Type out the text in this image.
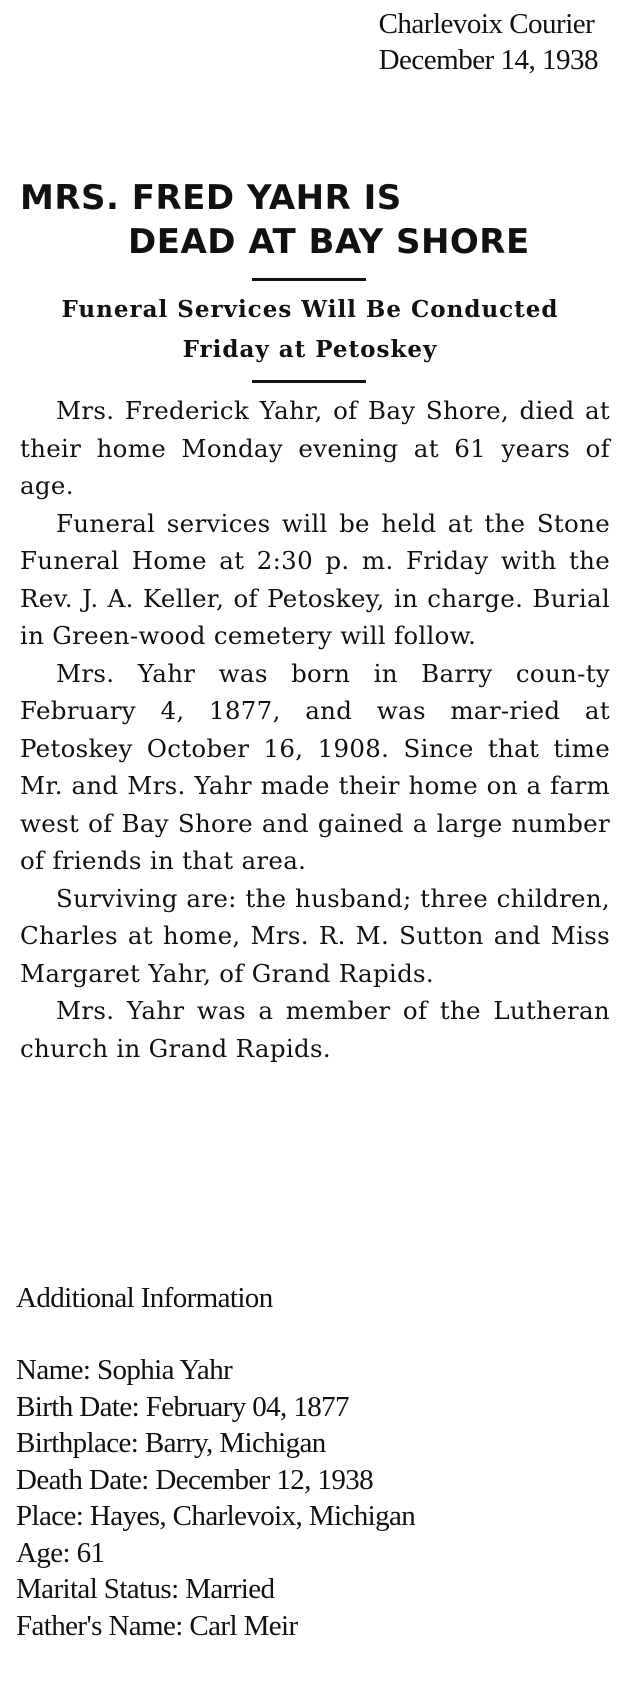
Charlevoix Courier
December 14, 1938
MRS. FRED YAHR IS
DEAD AT BAY SHORE
Funeral Services Will Be Conducted
Friday at Petoskey

Mrs. Frederick Yahr, of Bay Shore, died at their home Monday evening at 61 years of age.

Funeral services will be held at the Stone Funeral Home at 2:30 p. m. Friday with the Rev. J. A. Keller, of Petoskey, in charge. Burial in Green-wood cemetery will follow.

Mrs. Yahr was born in Barry coun-ty February 4, 1877, and was mar-ried at Petoskey October 16, 1908. Since that time Mr. and Mrs. Yahr made their home on a farm west of Bay Shore and gained a large number of friends in that area.

Surviving are: the husband; three children, Charles at home, Mrs. R. M. Sutton and Miss Margaret Yahr, of Grand Rapids.

Mrs. Yahr was a member of the Lutheran church in Grand Rapids.

Additional Information
Name: Sophia Yahr
Birth Date: February 04, 1877
Birthplace: Barry, Michigan
Death Date: December 12, 1938
Place: Hayes, Charlevoix, Michigan
Age: 61
Marital Status: Married
Father's Name: Carl Meir
